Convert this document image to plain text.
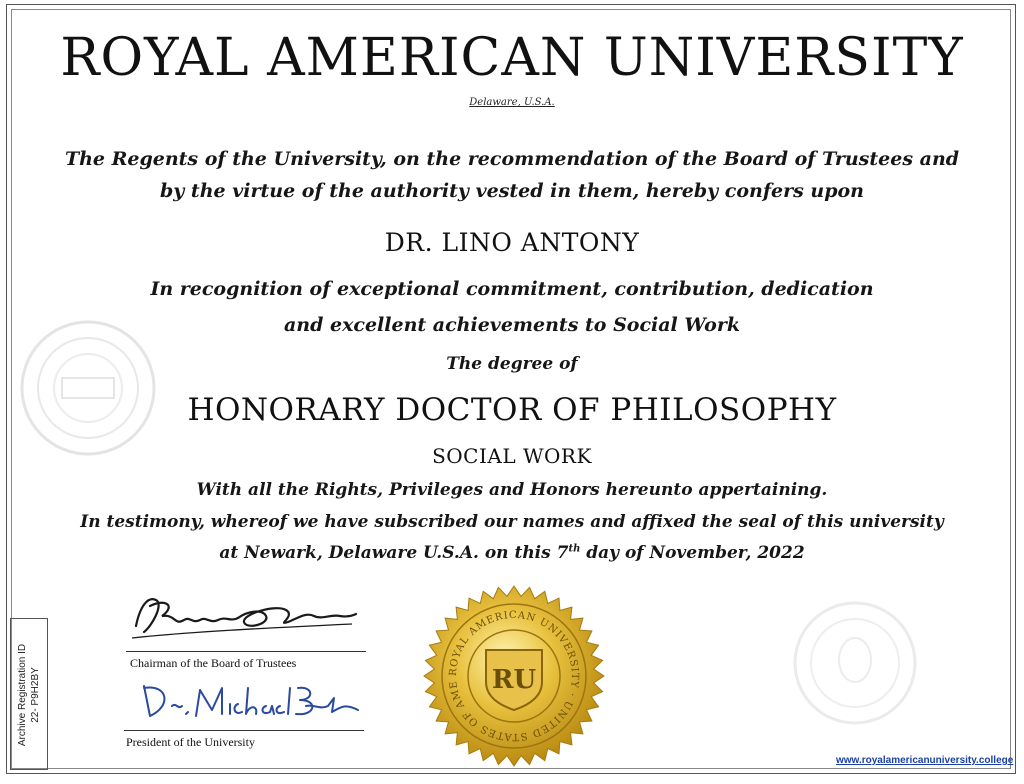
ROYAL AMERICAN UNIVERSITY
Delaware, U.S.A.
The Regents of the University, on the recommendation of the Board of Trustees and
by the virtue of the authority vested in them, hereby confers upon
DR. LINO ANTONY
In recognition of exceptional commitment, contribution, dedication
and excellent achievements to Social Work
The degree of
HONORARY DOCTOR OF PHILOSOPHY
SOCIAL WORK
With all the Rights, Privileges and Honors hereunto appertaining.
In testimony, whereof we have subscribed our names and affixed the seal of this university
at Newark, Delaware U.S.A. on this 7th day of November, 2022
Chairman of the Board of Trustees
President of the University
ROYAL AMERICAN UNIVERSITY · UNITED STATES OF AMERICA ·
RU
Archive Registration ID 22- P9H2BY
www.royalamericanuniversity.college
